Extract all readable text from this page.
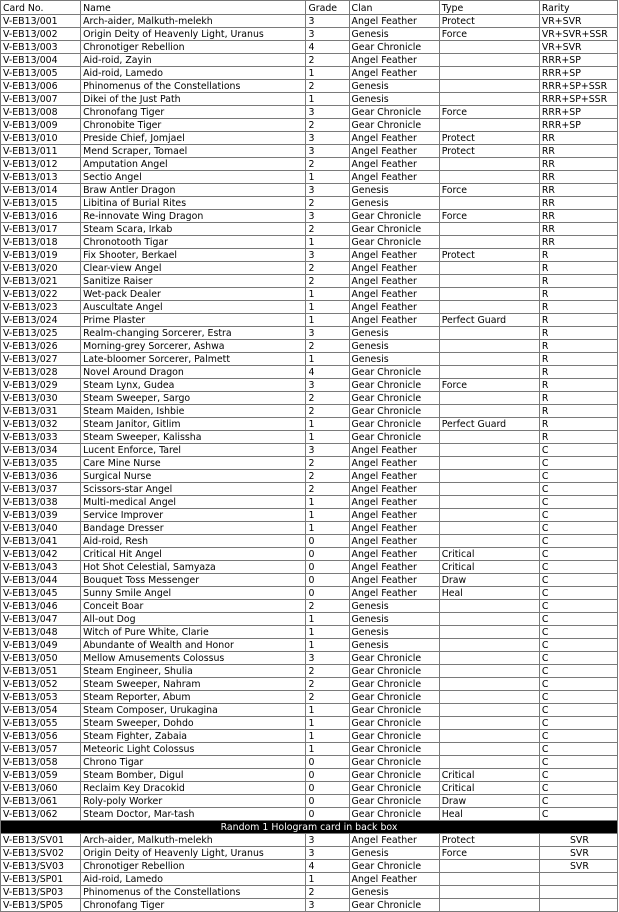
Card No.	Name	Grade	Clan	Type	Rarity
V-EB13/001	Arch-aider, Malkuth-melekh	3	Angel Feather	Protect	VR+SVR
V-EB13/002	Origin Deity of Heavenly Light, Uranus	3	Genesis	Force	VR+SVR+SSR
V-EB13/003	Chronotiger Rebellion	4	Gear Chronicle		VR+SVR
V-EB13/004	Aid-roid, Zayin	2	Angel Feather		RRR+SP
V-EB13/005	Aid-roid, Lamedo	1	Angel Feather		RRR+SP
V-EB13/006	Phinomenus of the Constellations	2	Genesis		RRR+SP+SSR
V-EB13/007	Dikei of the Just Path	1	Genesis		RRR+SP+SSR
V-EB13/008	Chronofang Tiger	3	Gear Chronicle	Force	RRR+SP
V-EB13/009	Chronobite Tiger	2	Gear Chronicle		RRR+SP
V-EB13/010	Preside Chief, Jomjael	3	Angel Feather	Protect	RR
V-EB13/011	Mend Scraper, Tomael	3	Angel Feather	Protect	RR
V-EB13/012	Amputation Angel	2	Angel Feather		RR
V-EB13/013	Sectio Angel	1	Angel Feather		RR
V-EB13/014	Braw Antler Dragon	3	Genesis	Force	RR
V-EB13/015	Libitina of Burial Rites	2	Genesis		RR
V-EB13/016	Re-innovate Wing Dragon	3	Gear Chronicle	Force	RR
V-EB13/017	Steam Scara, Irkab	2	Gear Chronicle		RR
V-EB13/018	Chronotooth Tigar	1	Gear Chronicle		RR
V-EB13/019	Fix Shooter, Berkael	3	Angel Feather	Protect	R
V-EB13/020	Clear-view Angel	2	Angel Feather		R
V-EB13/021	Sanitize Raiser	2	Angel Feather		R
V-EB13/022	Wet-pack Dealer	1	Angel Feather		R
V-EB13/023	Auscultate Angel	1	Angel Feather		R
V-EB13/024	Prime Plaster	1	Angel Feather	Perfect Guard	R
V-EB13/025	Realm-changing Sorcerer, Estra	3	Genesis		R
V-EB13/026	Morning-grey Sorcerer, Ashwa	2	Genesis		R
V-EB13/027	Late-bloomer Sorcerer, Palmett	1	Genesis		R
V-EB13/028	Novel Around Dragon	4	Gear Chronicle		R
V-EB13/029	Steam Lynx, Gudea	3	Gear Chronicle	Force	R
V-EB13/030	Steam Sweeper, Sargo	2	Gear Chronicle		R
V-EB13/031	Steam Maiden, Ishbie	2	Gear Chronicle		R
V-EB13/032	Steam Janitor, Gitlim	1	Gear Chronicle	Perfect Guard	R
V-EB13/033	Steam Sweeper, Kalissha	1	Gear Chronicle		R
V-EB13/034	Lucent Enforce, Tarel	3	Angel Feather		C
V-EB13/035	Care Mine Nurse	2	Angel Feather		C
V-EB13/036	Surgical Nurse	2	Angel Feather		C
V-EB13/037	Scissors-star Angel	2	Angel Feather		C
V-EB13/038	Multi-medical Angel	1	Angel Feather		C
V-EB13/039	Service Improver	1	Angel Feather		C
V-EB13/040	Bandage Dresser	1	Angel Feather		C
V-EB13/041	Aid-roid, Resh	0	Angel Feather		C
V-EB13/042	Critical Hit Angel	0	Angel Feather	Critical	C
V-EB13/043	Hot Shot Celestial, Samyaza	0	Angel Feather	Critical	C
V-EB13/044	Bouquet Toss Messenger	0	Angel Feather	Draw	C
V-EB13/045	Sunny Smile Angel	0	Angel Feather	Heal	C
V-EB13/046	Conceit Boar	2	Genesis		C
V-EB13/047	All-out Dog	1	Genesis		C
V-EB13/048	Witch of Pure White, Clarie	1	Genesis		C
V-EB13/049	Abundante of Wealth and Honor	1	Genesis		C
V-EB13/050	Mellow Amusements Colossus	3	Gear Chronicle		C
V-EB13/051	Steam Engineer, Shulia	2	Gear Chronicle		C
V-EB13/052	Steam Sweeper, Nahram	2	Gear Chronicle		C
V-EB13/053	Steam Reporter, Abum	2	Gear Chronicle		C
V-EB13/054	Steam Composer, Urukagina	1	Gear Chronicle		C
V-EB13/055	Steam Sweeper, Dohdo	1	Gear Chronicle		C
V-EB13/056	Steam Fighter, Zabaia	1	Gear Chronicle		C
V-EB13/057	Meteoric Light Colossus	1	Gear Chronicle		C
V-EB13/058	Chrono Tigar	0	Gear Chronicle		C
V-EB13/059	Steam Bomber, Digul	0	Gear Chronicle	Critical	C
V-EB13/060	Reclaim Key Dracokid	0	Gear Chronicle	Critical	C
V-EB13/061	Roly-poly Worker	0	Gear Chronicle	Draw	C
V-EB13/062	Steam Doctor, Mar-tash	0	Gear Chronicle	Heal	C
Random 1 Hologram card in back box					
V-EB13/SV01	Arch-aider, Malkuth-melekh	3	Angel Feather	Protect	SVR
V-EB13/SV02	Origin Deity of Heavenly Light, Uranus	3	Genesis	Force	SVR
V-EB13/SV03	Chronotiger Rebellion	4	Gear Chronicle		SVR
V-EB13/SP01	Aid-roid, Lamedo	1	Angel Feather		
V-EB13/SP03	Phinomenus of the Constellations	2	Genesis		
V-EB13/SP05	Chronofang Tiger	3	Gear Chronicle		
